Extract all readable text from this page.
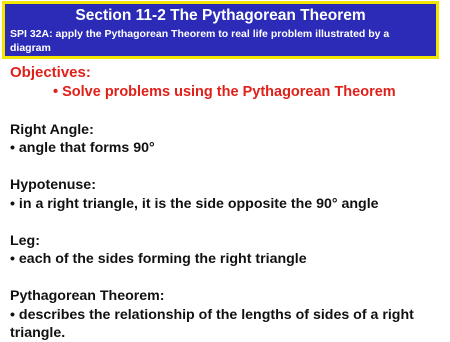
Section 11-2 The Pythagorean Theorem
SPI 32A: apply the Pythagorean Theorem to real life problem illustrated by a diagram
Objectives:
• Solve problems using the Pythagorean Theorem
Right Angle:
• angle that forms 90°
Hypotenuse:
• in a right triangle, it is the side opposite the 90° angle
Leg:
• each of the sides forming the right triangle
Pythagorean Theorem:
• describes the relationship of the lengths of sides of a right triangle.
